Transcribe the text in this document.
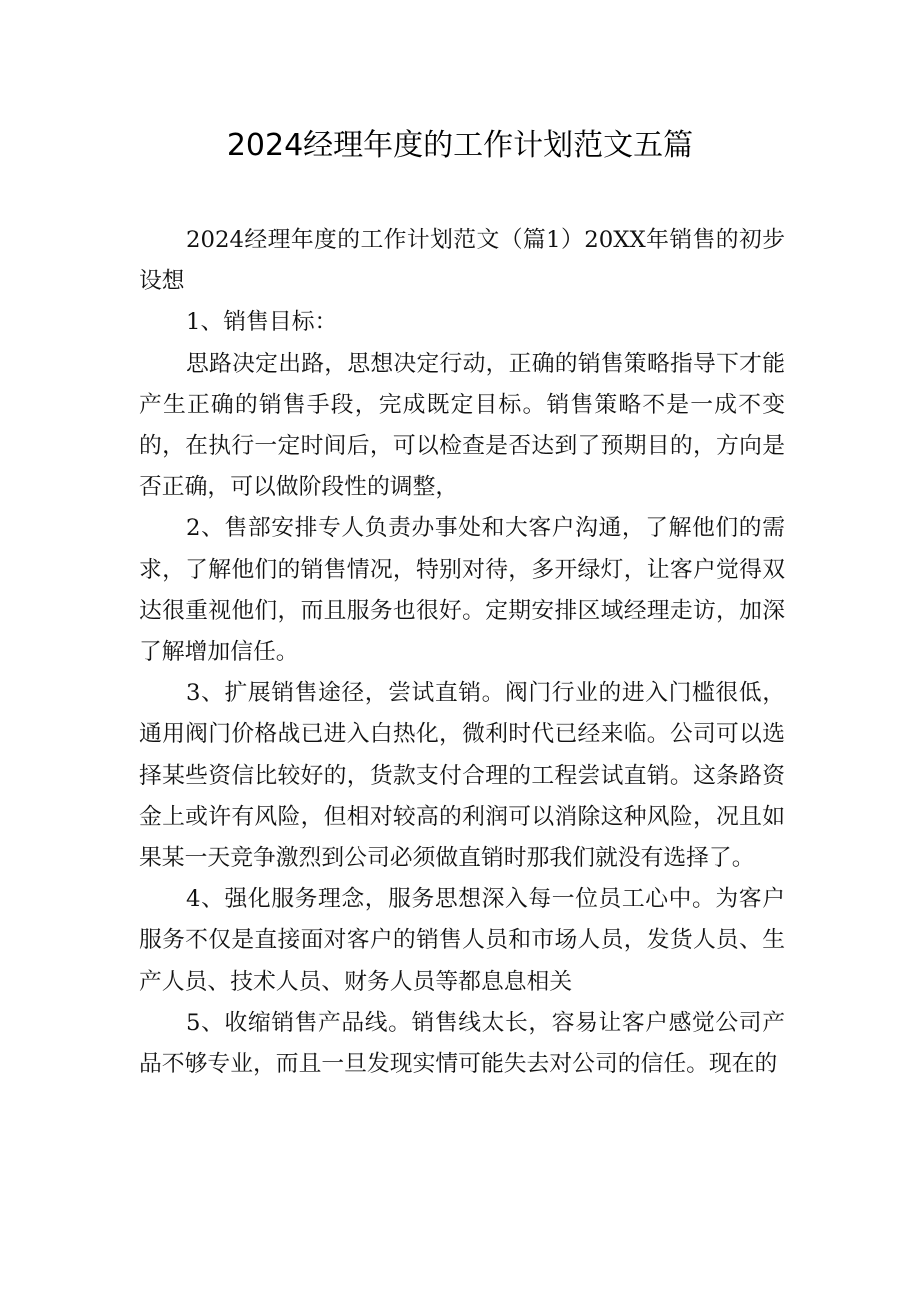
2024经理年度的工作计划范文五篇

2024经理年度的工作计划范文（篇1）20XX年销售的初步设想

1、销售目标：

思路决定出路，思想决定行动，正确的销售策略指导下才能产生正确的销售手段，完成既定目标。销售策略不是一成不变的，在执行一定时间后，可以检查是否达到了预期目的，方向是否正确，可以做阶段性的调整，

2、售部安排专人负责办事处和大客户沟通，了解他们的需求，了解他们的销售情况，特别对待，多开绿灯，让客户觉得双达很重视他们，而且服务也很好。定期安排区域经理走访，加深了解增加信任。

3、扩展销售途径，尝试直销。阀门行业的进入门槛很低，通用阀门价格战已进入白热化，微利时代已经来临。公司可以选择某些资信比较好的，货款支付合理的工程尝试直销。这条路资金上或许有风险，但相对较高的利润可以消除这种风险，况且如果某一天竞争激烈到公司必须做直销时那我们就没有选择了。

4、强化服务理念，服务思想深入每一位员工心中。为客户服务不仅是直接面对客户的销售人员和市场人员，发货人员、生产人员、技术人员、财务人员等都息息相关

5、收缩销售产品线。销售线太长，容易让客户感觉公司产品不够专业，而且一旦发现实情可能失去对公司的信任。现在的
